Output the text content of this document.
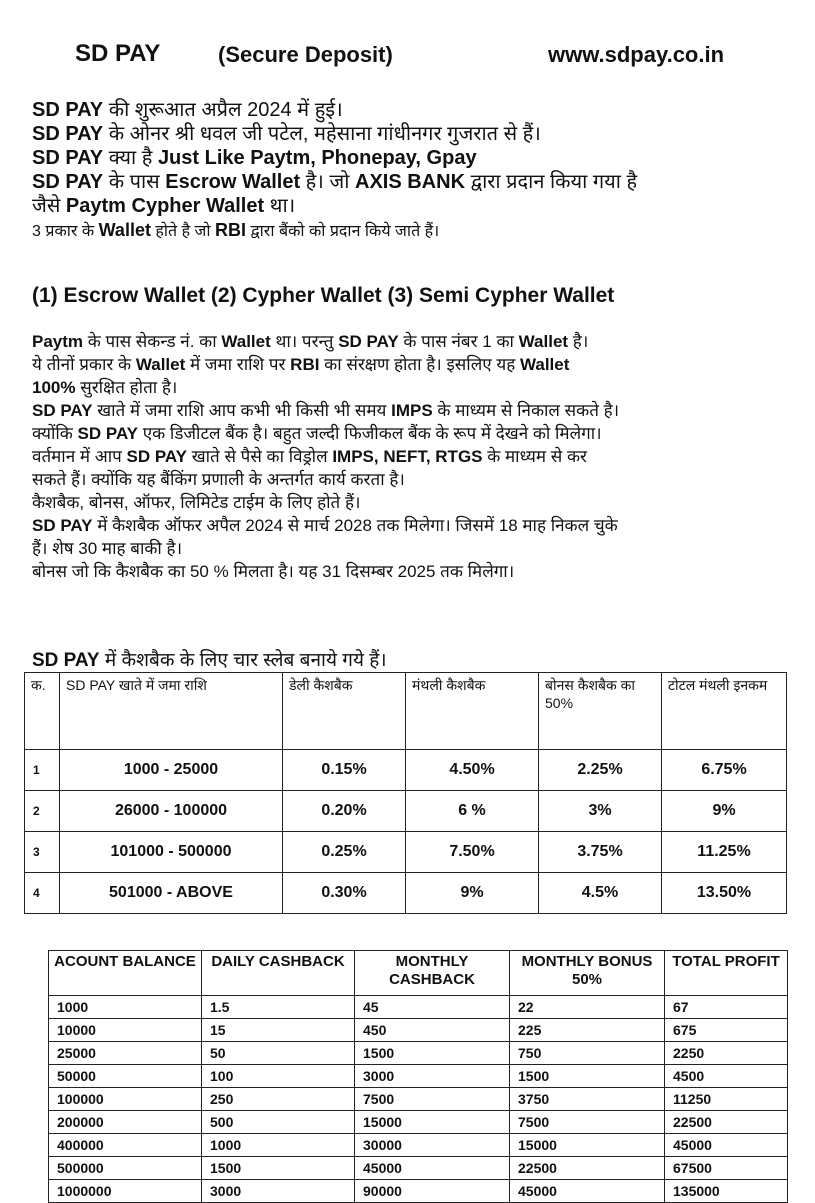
SD PAY	(Secure Deposit)	www.sdpay.co.in
SD PAY की शुरूआत अप्रैल 2024 में हुई।
SD PAY के ओनर श्री धवल जी पटेल, महेसाना गांधीनगर गुजरात से हैं।
SD PAY क्या है Just Like Paytm, Phonepay, Gpay
SD PAY के पास Escrow Wallet है। जो AXIS BANK द्वारा प्रदान किया गया है
जैसे Paytm Cypher Wallet था।
3 प्रकार के Wallet होते है जो RBI द्वारा बैंको को प्रदान किये जाते हैं।
(1) Escrow Wallet (2) Cypher Wallet (3) Semi Cypher Wallet
Paytm के पास सेकन्ड नं. का Wallet था। परन्तु SD PAY के पास नंबर 1 का Wallet है।
ये तीनों प्रकार के Wallet में जमा राशि पर RBI का संरक्षण होता है। इसलिए यह Wallet
100% सुरक्षित होता है।
SD PAY खाते में जमा राशि आप कभी भी किसी भी समय IMPS के माध्यम से निकाल सकते है।
क्योंकि SD PAY एक डिजीटल बैंक है। बहुत जल्दी फिजीकल बैंक के रूप में देखने को मिलेगा।
वर्तमान में आप SD PAY खाते से पैसे का विड्रोल IMPS, NEFT, RTGS के माध्यम से कर
सकते हैं। क्योंकि यह बैंकिंग प्रणाली के अन्तर्गत कार्य करता है।
कैशबैक, बोनस, ऑफर, लिमिटेड टाईम के लिए होते हैं।
SD PAY में कैशबैक ऑफर अपैल 2024 से मार्च 2028 तक मिलेगा। जिसमें 18 माह निकल चुके
हैं। शेष 30 माह बाकी है।
बोनस जो कि कैशबैक का 50 % मिलता है। यह 31 दिसम्बर 2025 तक मिलेगा।
SD PAY में कैशबैक के लिए चार स्लेब बनाये गये हैं।
क.	SD PAY खाते में जमा राशि	डेली कैशबैक	मंथली कैशबैक	बोनस कैशबैक का 50%	टोटल मंथली इनकम
1	1000 - 25000	0.15%	4.50%	2.25%	6.75%
2	26000 - 100000	0.20%	6 %	3%	9%
3	101000 - 500000	0.25%	7.50%	3.75%	11.25%
4	501000 - ABOVE	0.30%	9%	4.5%	13.50%
ACOUNT BALANCE	DAILY CASHBACK	MONTHLY CASHBACK	MONTHLY BONUS 50%	TOTAL PROFIT
1000	1.5	45	22	67
10000	15	450	225	675
25000	50	1500	750	2250
50000	100	3000	1500	4500
100000	250	7500	3750	11250
200000	500	15000	7500	22500
400000	1000	30000	15000	45000
500000	1500	45000	22500	67500
1000000	3000	90000	45000	135000
